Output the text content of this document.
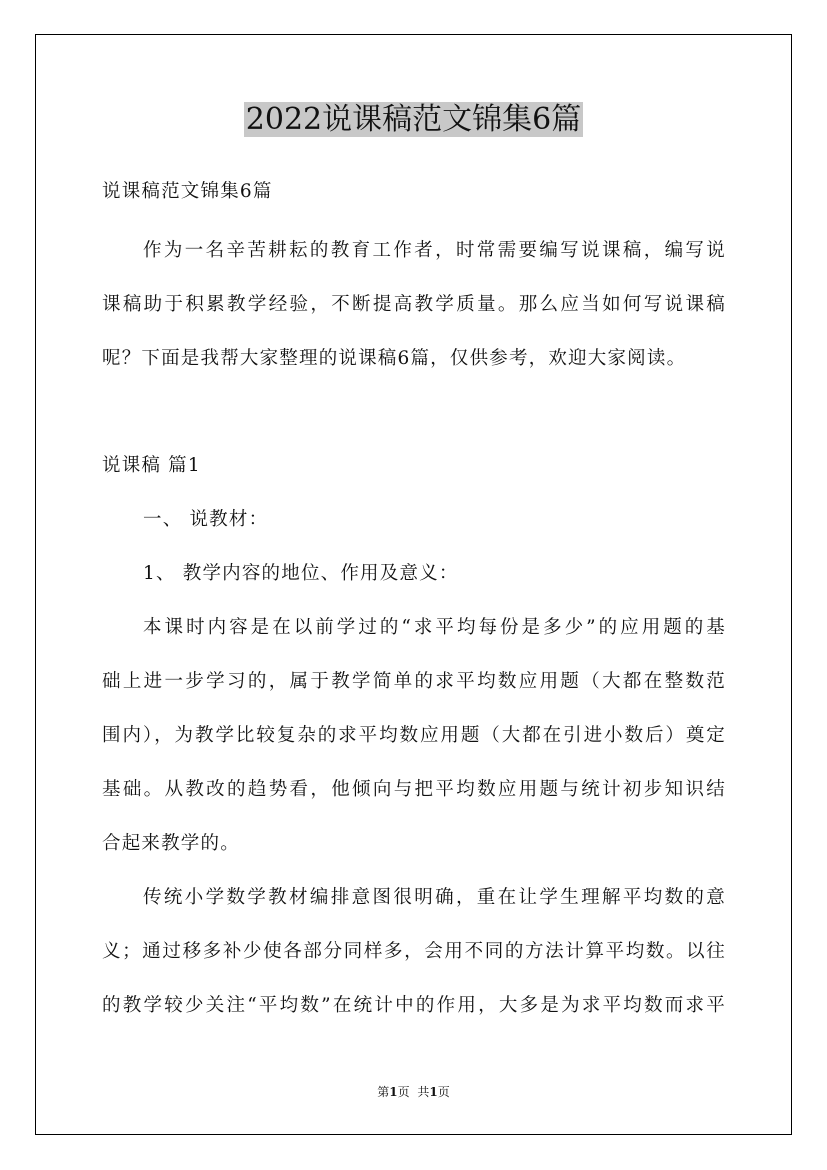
2022说课稿范文锦集6篇

说课稿范文锦集6篇

作为一名辛苦耕耘的教育工作者，时常需要编写说课稿，编写说

课稿助于积累教学经验，不断提高教学质量。那么应当如何写说课稿

呢？下面是我帮大家整理的说课稿6篇，仅供参考，欢迎大家阅读。

说课稿 篇1

一、 说教材：

1、 教学内容的地位、作用及意义：

本课时内容是在以前学过的“求平均每份是多少”的应用题的基

础上进一步学习的，属于教学简单的求平均数应用题（大都在整数范

围内），为教学比较复杂的求平均数应用题（大都在引进小数后）奠定

基础。从教改的趋势看，他倾向与把平均数应用题与统计初步知识结

合起来教学的。

传统小学数学教材编排意图很明确，重在让学生理解平均数的意

义；通过移多补少使各部分同样多，会用不同的方法计算平均数。以往

的教学较少关注“平均数”在统计中的作用，大多是为求平均数而求平

第1页 共1页
